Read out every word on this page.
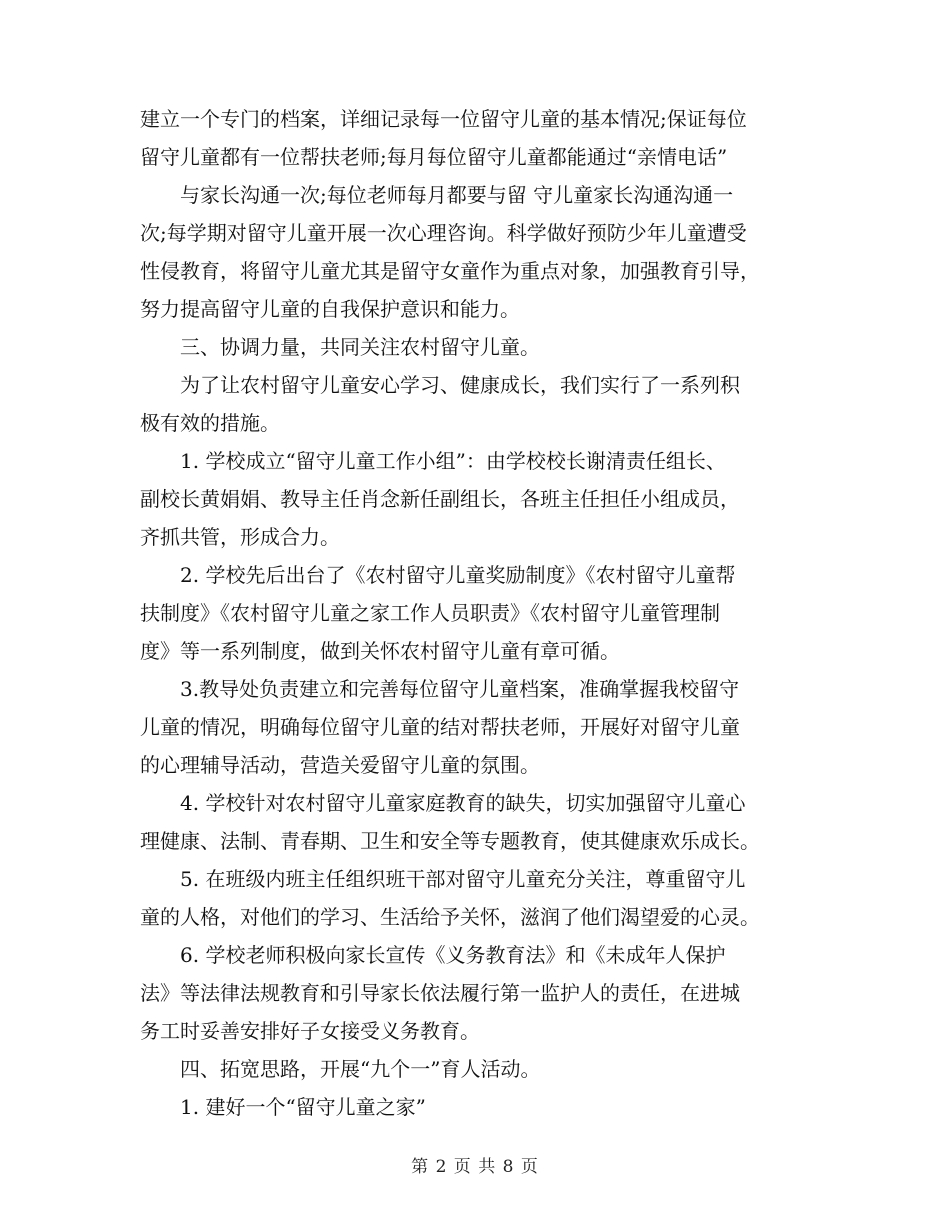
建立一个专门的档案，详细记录每一位留守儿童的基本情况;保证每位
留守儿童都有一位帮扶老师;每月每位留守儿童都能通过“亲情电话”
与家长沟通一次;每位老师每月都要与留 守儿童家长沟通沟通一
次;每学期对留守儿童开展一次心理咨询。科学做好预防少年儿童遭受
性侵教育，将留守儿童尤其是留守女童作为重点对象，加强教育引导，
努力提高留守儿童的自我保护意识和能力。
三、协调力量，共同关注农村留守儿童。
为了让农村留守儿童安心学习、健康成长，我们实行了一系列积
极有效的措施。
1. 学校成立“留守儿童工作小组”：由学校校长谢清责任组长、
副校长黄娟娟、教导主任肖念新任副组长，各班主任担任小组成员，
齐抓共管，形成合力。
2. 学校先后出台了《农村留守儿童奖励制度》《农村留守儿童帮
扶制度》《农村留守儿童之家工作人员职责》《农村留守儿童管理制
度》等一系列制度，做到关怀农村留守儿童有章可循。
3.教导处负责建立和完善每位留守儿童档案，准确掌握我校留守
儿童的情况，明确每位留守儿童的结对帮扶老师，开展好对留守儿童
的心理辅导活动，营造关爱留守儿童的氛围。
4. 学校针对农村留守儿童家庭教育的缺失，切实加强留守儿童心
理健康、法制、青春期、卫生和安全等专题教育，使其健康欢乐成长。
5. 在班级内班主任组织班干部对留守儿童充分关注，尊重留守儿
童的人格，对他们的学习、生活给予关怀，滋润了他们渴望爱的心灵。
6. 学校老师积极向家长宣传《义务教育法》和《未成年人保护
法》等法律法规教育和引导家长依法履行第一监护人的责任，在进城
务工时妥善安排好子女接受义务教育。
四、拓宽思路，开展“九个一”育人活动。
1. 建好一个“留守儿童之家”
第 2 页 共 8 页
